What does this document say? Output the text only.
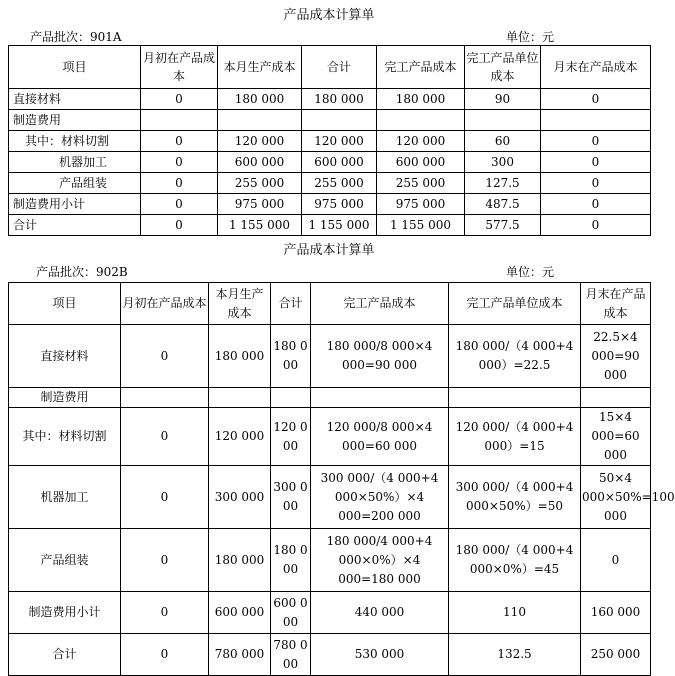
产品成本计算单
产品批次：901A	单位：元
项目	月初在产品成本	本月生产成本	合计	完工产品成本	完工产品单位成本	月末在产品成本
直接材料	0	180 000	180 000	180 000	90	0
制造费用						
其中：材料切割	0	120 000	120 000	120 000	60	0
机器加工	0	600 000	600 000	600 000	300	0
产品组装	0	255 000	255 000	255 000	127.5	0
制造费用小计	0	975 000	975 000	975 000	487.5	0
合计	0	1 155 000	1 155 000	1 155 000	577.5	0
产品成本计算单
产品批次：902B	单位：元
项目	月初在产品成本	本月生产成本	合计	完工产品成本	完工产品单位成本	月末在产品成本
直接材料	0	180 000	180 000	180 000/8 000×4 000=90 000	180 000/（4 000+4 000）=22.5	22.5×4 000=90 000
制造费用						
其中：材料切割	0	120 000	120 000	120 000/8 000×4 000=60 000	120 000/（4 000+4 000）=15	15×4 000=60 000
机器加工	0	300 000	300 000	300 000/（4 000+4 000×50%）×4 000=200 000	300 000/（4 000+4 000×50%）=50	50×4 000×50%=100 000
产品组装	0	180 000	180 000	180 000/4 000+4 000×0%）×4 000=180 000	180 000/（4 000+4 000×0%）=45	0
制造费用小计	0	600 000	600 000	440 000	110	160 000
合计	0	780 000	780 000	530 000	132.5	250 000
